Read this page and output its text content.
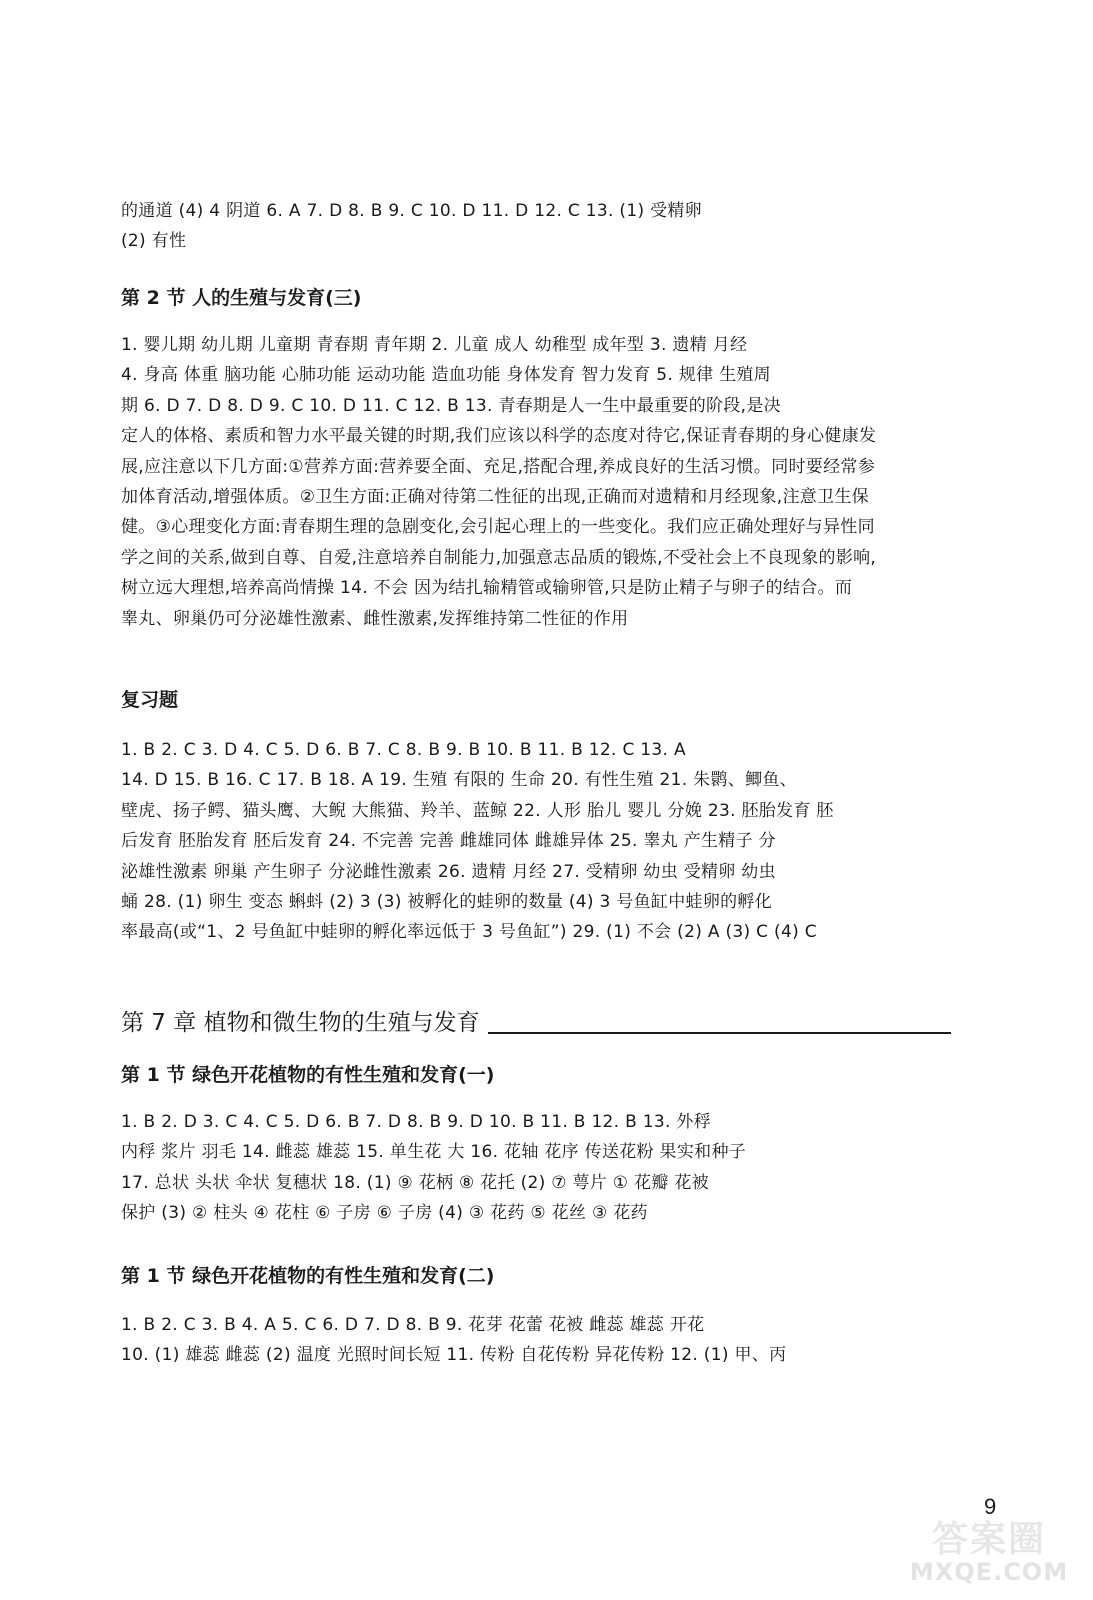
的通道 (4) 4 阴道 6. A 7. D 8. B 9. C 10. D 11. D 12. C 13. (1) 受精卵
(2) 有性
第 2 节 人的生殖与发育(三)
1. 婴儿期 幼儿期 儿童期 青春期 青年期 2. 儿童 成人 幼稚型 成年型 3. 遗精 月经
4. 身高 体重 脑功能 心肺功能 运动功能 造血功能 身体发育 智力发育 5. 规律 生殖周
期 6. D 7. D 8. D 9. C 10. D 11. C 12. B 13. 青春期是人一生中最重要的阶段,是决
定人的体格、素质和智力水平最关键的时期,我们应该以科学的态度对待它,保证青春期的身心健康发
展,应注意以下几方面:①营养方面:营养要全面、充足,搭配合理,养成良好的生活习惯。同时要经常参
加体育活动,增强体质。②卫生方面:正确对待第二性征的出现,正确而对遗精和月经现象,注意卫生保
健。③心理变化方面:青春期生理的急剧变化,会引起心理上的一些变化。我们应正确处理好与异性同
学之间的关系,做到自尊、自爱,注意培养自制能力,加强意志品质的锻炼,不受社会上不良现象的影响,
树立远大理想,培养高尚情操 14. 不会 因为结扎输精管或输卵管,只是防止精子与卵子的结合。而
睾丸、卵巢仍可分泌雄性激素、雌性激素,发挥维持第二性征的作用
复习题
1. B 2. C 3. D 4. C 5. D 6. B 7. C 8. B 9. B 10. B 11. B 12. C 13. A
14. D 15. B 16. C 17. B 18. A 19. 生殖 有限的 生命 20. 有性生殖 21. 朱鹮、鲫鱼、
壁虎、扬子鳄、猫头鹰、大鲵 大熊猫、羚羊、蓝鲸 22. 人形 胎儿 婴儿 分娩 23. 胚胎发育 胚
后发育 胚胎发育 胚后发育 24. 不完善 完善 雌雄同体 雌雄异体 25. 睾丸 产生精子 分
泌雄性激素 卵巢 产生卵子 分泌雌性激素 26. 遗精 月经 27. 受精卵 幼虫 受精卵 幼虫
蛹 28. (1) 卵生 变态 蝌蚪 (2) 3 (3) 被孵化的蛙卵的数量 (4) 3 号鱼缸中蛙卵的孵化
率最高(或“1、2 号鱼缸中蛙卵的孵化率远低于 3 号鱼缸”) 29. (1) 不会 (2) A (3) C (4) C
第 7 章 植物和微生物的生殖与发育
第 1 节 绿色开花植物的有性生殖和发育(一)
1. B 2. D 3. C 4. C 5. D 6. B 7. D 8. B 9. D 10. B 11. B 12. B 13. 外稃
内稃 浆片 羽毛 14. 雌蕊 雄蕊 15. 单生花 大 16. 花轴 花序 传送花粉 果实和种子
17. 总状 头状 伞状 复穗状 18. (1) ⑨ 花柄 ⑧ 花托 (2) ⑦ 萼片 ① 花瓣 花被
保护 (3) ② 柱头 ④ 花柱 ⑥ 子房 ⑥ 子房 (4) ③ 花药 ⑤ 花丝 ③ 花药
第 1 节 绿色开花植物的有性生殖和发育(二)
1. B 2. C 3. B 4. A 5. C 6. D 7. D 8. B 9. 花芽 花蕾 花被 雌蕊 雄蕊 开花
10. (1) 雄蕊 雌蕊 (2) 温度 光照时间长短 11. 传粉 自花传粉 异花传粉 12. (1) 甲、丙
答案圈
MXQE.COM
9
